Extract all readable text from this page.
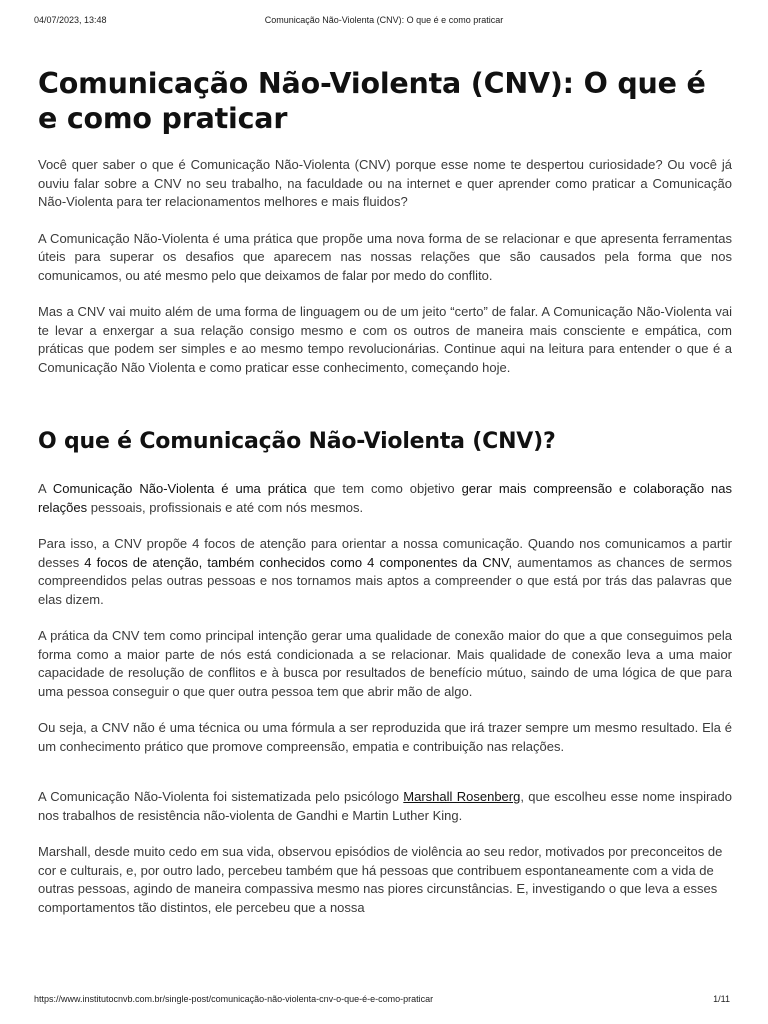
04/07/2023, 13:48	Comunicação Não-Violenta (CNV): O que é e como praticar
Comunicação Não-Violenta (CNV): O que é e como praticar

Você quer saber o que é Comunicação Não-Violenta (CNV) porque esse nome te despertou curiosidade? Ou você já ouviu falar sobre a CNV no seu trabalho, na faculdade ou na internet e quer aprender como praticar a Comunicação Não-Violenta para ter relacionamentos melhores e mais fluidos?

A Comunicação Não-Violenta é uma prática que propõe uma nova forma de se relacionar e que apresenta ferramentas úteis para superar os desafios que aparecem nas nossas relações que são causados pela forma que nos comunicamos, ou até mesmo pelo que deixamos de falar por medo do conflito.

Mas a CNV vai muito além de uma forma de linguagem ou de um jeito “certo” de falar. A Comunicação Não-Violenta vai te levar a enxergar a sua relação consigo mesmo e com os outros de maneira mais consciente e empática, com práticas que podem ser simples e ao mesmo tempo revolucionárias. Continue aqui na leitura para entender o que é a Comunicação Não Violenta e como praticar esse conhecimento, começando hoje.

O que é Comunicação Não-Violenta (CNV)?

A Comunicação Não-Violenta é uma prática que tem como objetivo gerar mais compreensão e colaboração nas relações pessoais, profissionais e até com nós mesmos.

Para isso, a CNV propõe 4 focos de atenção para orientar a nossa comunicação. Quando nos comunicamos a partir desses 4 focos de atenção, também conhecidos como 4 componentes da CNV, aumentamos as chances de sermos compreendidos pelas outras pessoas e nos tornamos mais aptos a compreender o que está por trás das palavras que elas dizem.

A prática da CNV tem como principal intenção gerar uma qualidade de conexão maior do que a que conseguimos pela forma como a maior parte de nós está condicionada a se relacionar. Mais qualidade de conexão leva a uma maior capacidade de resolução de conflitos e à busca por resultados de benefício mútuo, saindo de uma lógica de que para uma pessoa conseguir o que quer outra pessoa tem que abrir mão de algo.

Ou seja, a CNV não é uma técnica ou uma fórmula a ser reproduzida que irá trazer sempre um mesmo resultado. Ela é um conhecimento prático que promove compreensão, empatia e contribuição nas relações.

A Comunicação Não-Violenta foi sistematizada pelo psicólogo Marshall Rosenberg, que escolheu esse nome inspirado nos trabalhos de resistência não-violenta de Gandhi e Martin Luther King.

Marshall, desde muito cedo em sua vida, observou episódios de violência ao seu redor, motivados por preconceitos de cor e culturais, e, por outro lado, percebeu também que há pessoas que contribuem espontaneamente com a vida de outras pessoas, agindo de maneira compassiva mesmo nas piores circunstâncias. E, investigando o que leva a esses comportamentos tão distintos, ele percebeu que a nossa

https://www.institutocnvb.com.br/single-post/comunicação-não-violenta-cnv-o-que-é-e-como-praticar	1/11
